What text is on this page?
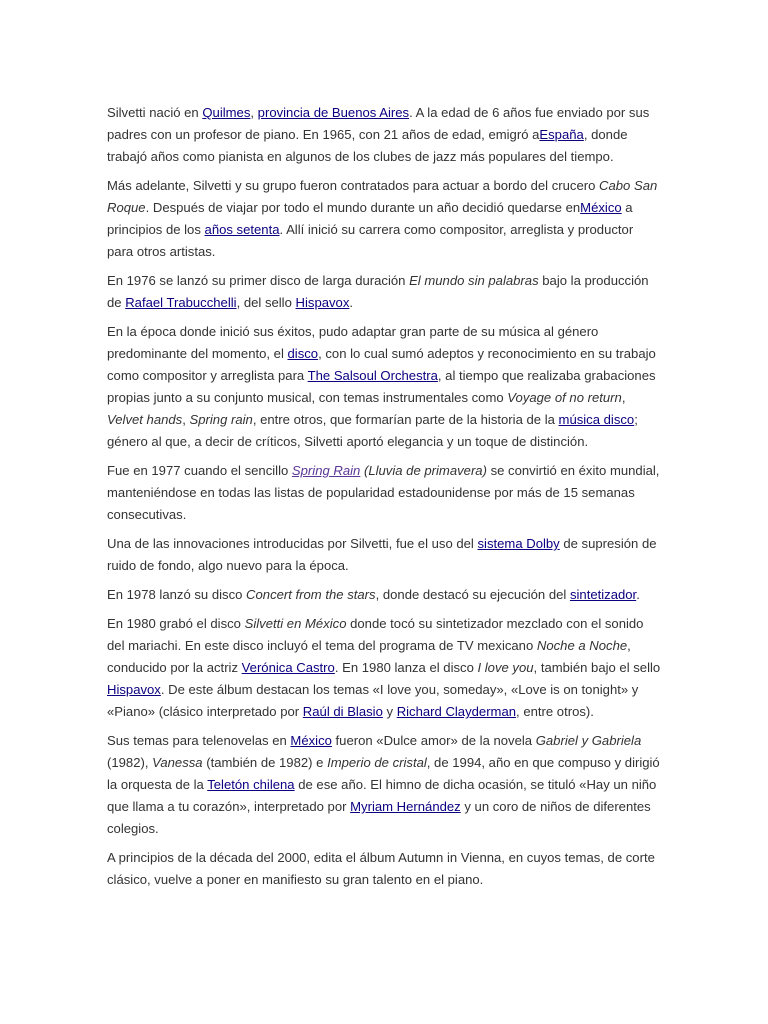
Silvetti nació en Quilmes, provincia de Buenos Aires. A la edad de 6 años fue enviado por sus padres con un profesor de piano. En 1965, con 21 años de edad, emigró aEspaña, donde trabajó años como pianista en algunos de los clubes de jazz más populares del tiempo.

Más adelante, Silvetti y su grupo fueron contratados para actuar a bordo del crucero Cabo San Roque. Después de viajar por todo el mundo durante un año decidió quedarse enMéxico a principios de los años setenta. Allí inició su carrera como compositor, arreglista y productor para otros artistas.

En 1976 se lanzó su primer disco de larga duración El mundo sin palabras bajo la producción de Rafael Trabucchelli, del sello Hispavox.

En la época donde inició sus éxitos, pudo adaptar gran parte de su música al género predominante del momento, el disco, con lo cual sumó adeptos y reconocimiento en su trabajo como compositor y arreglista para The Salsoul Orchestra, al tiempo que realizaba grabaciones propias junto a su conjunto musical, con temas instrumentales como Voyage of no return, Velvet hands, Spring rain, entre otros, que formarían parte de la historia de la música disco; género al que, a decir de críticos, Silvetti aportó elegancia y un toque de distinción.

Fue en 1977 cuando el sencillo Spring Rain (Lluvia de primavera) se convirtió en éxito mundial, manteniéndose en todas las listas de popularidad estadounidense por más de 15 semanas consecutivas.

Una de las innovaciones introducidas por Silvetti, fue el uso del sistema Dolby de supresión de ruido de fondo, algo nuevo para la época.

En 1978 lanzó su disco Concert from the stars, donde destacó su ejecución del sintetizador.

En 1980 grabó el disco Silvetti en México donde tocó su sintetizador mezclado con el sonido del mariachi. En este disco incluyó el tema del programa de TV mexicano Noche a Noche, conducido por la actriz Verónica Castro. En 1980 lanza el disco I love you, también bajo el sello Hispavox. De este álbum destacan los temas «I love you, someday», «Love is on tonight» y «Piano» (clásico interpretado por Raúl di Blasio y Richard Clayderman, entre otros).

Sus temas para telenovelas en México fueron «Dulce amor» de la novela Gabriel y Gabriela (1982), Vanessa (también de 1982) e Imperio de cristal, de 1994, año en que compuso y dirigió la orquesta de la Teletón chilena de ese año. El himno de dicha ocasión, se tituló «Hay un niño que llama a tu corazón», interpretado por Myriam Hernández y un coro de niños de diferentes colegios.

A principios de la década del 2000, edita el álbum Autumn in Vienna, en cuyos temas, de corte clásico, vuelve a poner en manifiesto su gran talento en el piano.
